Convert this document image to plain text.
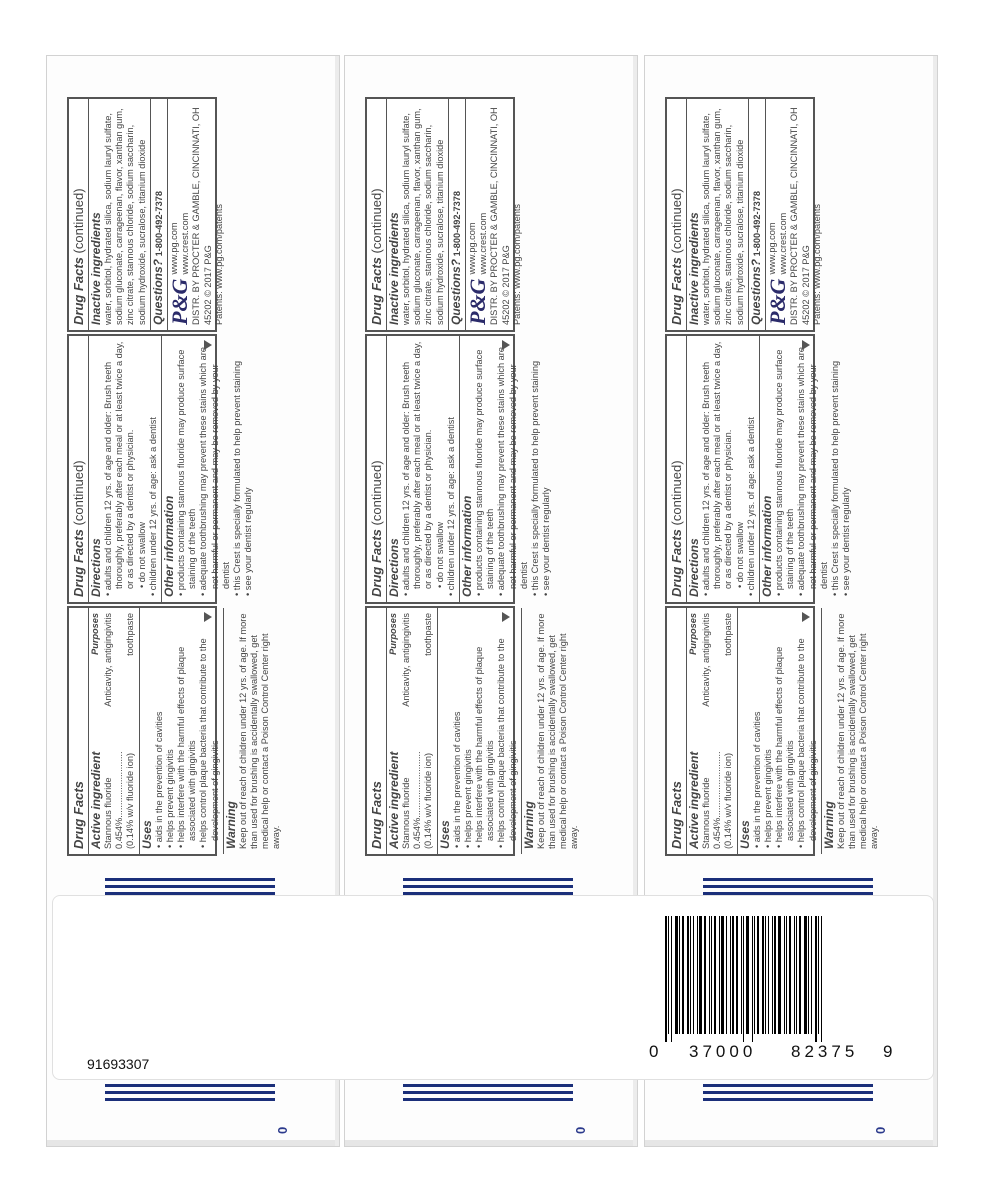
Drug Facts
Purposes
Active ingredient
Anticavity, antigingivitis
Stannous fluoride 0.454%..........................
toothpaste
(0.14% w/v fluoride ion) Uses • aids in the prevention of cavities

• helps prevent gingivitis

• helps interfere with the harmful effects of plaque associated with gingivitis

• helps control plaque bacteria that contribute to the development of gingivitis Warning Keep out of reach of children under 12 yrs. of age. If more than used for brushing is accidentally swallowed, get medical help or contact a Poison Control Center right away.

Drug Facts (continued)
Directions • adults and children 12 yrs. of age and older: Brush teeth thoroughly, preferably after each meal or at least twice a day, or as directed by a dentist or physician. • do not swallow

• children under 12 yrs. of age: ask a dentist Other information • products containing stannous fluoride may produce surface staining of the teeth

• adequate toothbrushing may prevent these stains which are not harmful or permanent and may be removed by your dentist

• this Crest is specially formulated to help prevent staining

• see your dentist regularly

Drug Facts (continued) Inactive ingredients water, sorbitol, hydrated silica, sodium lauryl sulfate, sodium gluconate, carrageenan, flavor, xanthan gum, zinc citrate, stannous chloride, sodium saccharin, sodium hydroxide, sucralose, titanium dioxide Questions? 1-800-492-7378
P&G
www.pg.com www.crest.com DISTR. BY PROCTER & GAMBLE, CINCINNATI, OH 45202 © 2017 P&G Patents: www.pg.com/patents
0
Drug Facts
Purposes
Active ingredient
Anticavity, antigingivitis
Stannous fluoride 0.454%..........................
toothpaste
(0.14% w/v fluoride ion) Uses • aids in the prevention of cavities

• helps prevent gingivitis

• helps interfere with the harmful effects of plaque associated with gingivitis

• helps control plaque bacteria that contribute to the development of gingivitis Warning Keep out of reach of children under 12 yrs. of age. If more than used for brushing is accidentally swallowed, get medical help or contact a Poison Control Center right away.

Drug Facts (continued)
Directions • adults and children 12 yrs. of age and older: Brush teeth thoroughly, preferably after each meal or at least twice a day, or as directed by a dentist or physician. • do not swallow

• children under 12 yrs. of age: ask a dentist Other information • products containing stannous fluoride may produce surface staining of the teeth

• adequate toothbrushing may prevent these stains which are not harmful or permanent and may be removed by your dentist

• this Crest is specially formulated to help prevent staining

• see your dentist regularly

Drug Facts (continued) Inactive ingredients water, sorbitol, hydrated silica, sodium lauryl sulfate, sodium gluconate, carrageenan, flavor, xanthan gum, zinc citrate, stannous chloride, sodium saccharin, sodium hydroxide, sucralose, titanium dioxide Questions? 1-800-492-7378
P&G
www.pg.com www.crest.com DISTR. BY PROCTER & GAMBLE, CINCINNATI, OH 45202 © 2017 P&G Patents: www.pg.com/patents
0
Drug Facts
Purposes
Active ingredient
Anticavity, antigingivitis
Stannous fluoride 0.454%..........................
toothpaste
(0.14% w/v fluoride ion) Uses • aids in the prevention of cavities

• helps prevent gingivitis

• helps interfere with the harmful effects of plaque associated with gingivitis

• helps control plaque bacteria that contribute to the development of gingivitis Warning Keep out of reach of children under 12 yrs. of age. If more than used for brushing is accidentally swallowed, get medical help or contact a Poison Control Center right away.

Drug Facts (continued)
Directions • adults and children 12 yrs. of age and older: Brush teeth thoroughly, preferably after each meal or at least twice a day, or as directed by a dentist or physician. • do not swallow

• children under 12 yrs. of age: ask a dentist Other information • products containing stannous fluoride may produce surface staining of the teeth

• adequate toothbrushing may prevent these stains which are not harmful or permanent and may be removed by your dentist

• this Crest is specially formulated to help prevent staining

• see your dentist regularly

Drug Facts (continued) Inactive ingredients water, sorbitol, hydrated silica, sodium lauryl sulfate, sodium gluconate, carrageenan, flavor, xanthan gum, zinc citrate, stannous chloride, sodium saccharin, sodium hydroxide, sucralose, titanium dioxide Questions? 1-800-492-7378
P&G
www.pg.com www.crest.com DISTR. BY PROCTER & GAMBLE, CINCINNATI, OH 45202 © 2017 P&G Patents: www.pg.com/patents
0
91693307
0 37000 82375 9
